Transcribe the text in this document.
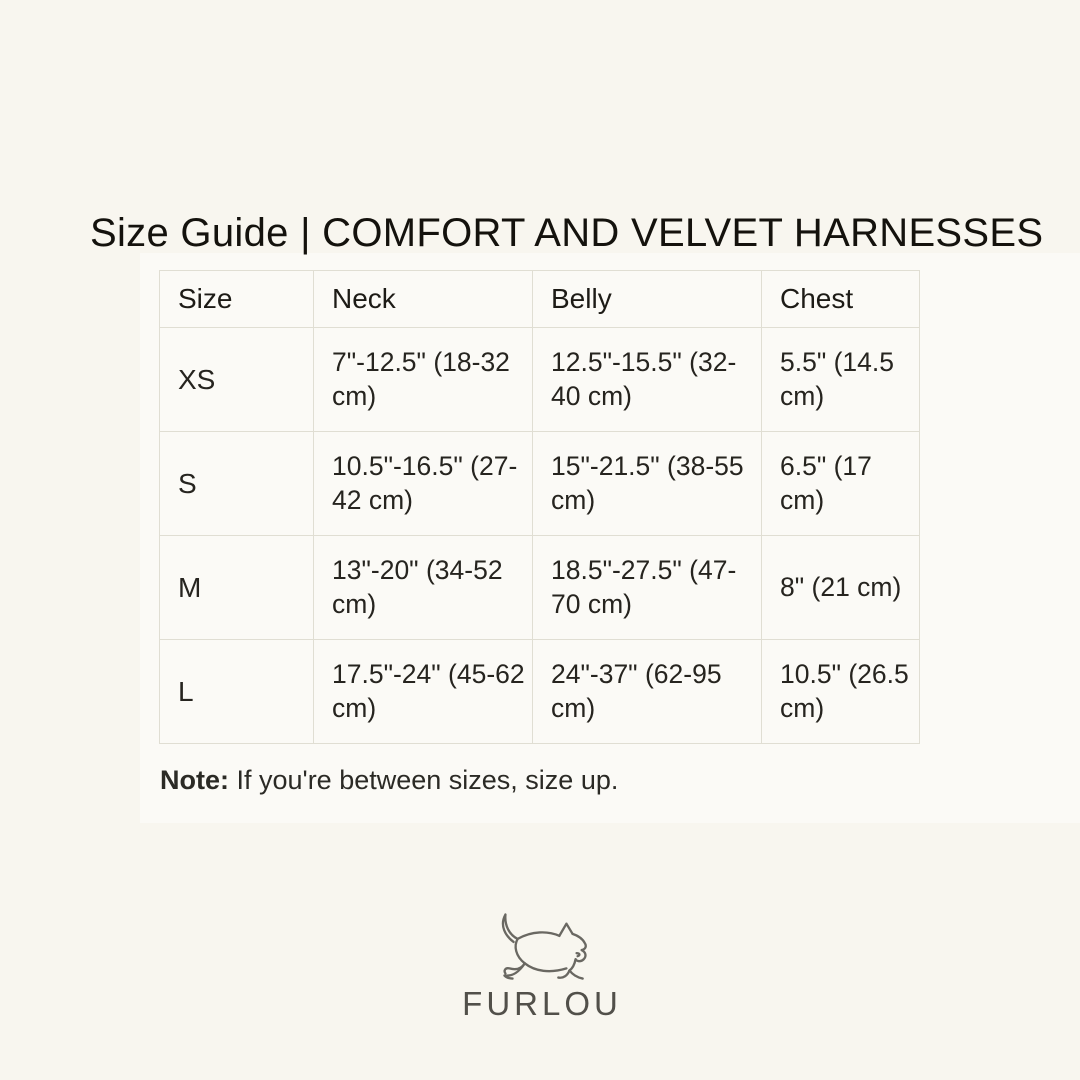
Size Guide | COMFORT AND VELVET HARNESSES
Size	Neck	Belly	Chest
XS	7"-12.5" (18-32 cm)	12.5"-15.5" (32-40 cm)	5.5" (14.5 cm)
S	10.5"-16.5" (27-42 cm)	15"-21.5" (38-55 cm)	6.5" (17 cm)
M	13"-20" (34-52 cm)	18.5"-27.5" (47-70 cm)	8" (21 cm)
L	17.5"-24" (45-62 cm)	24"-37" (62-95 cm)	10.5" (26.5 cm)

Note: If you're between sizes, size up.

FURLOU
